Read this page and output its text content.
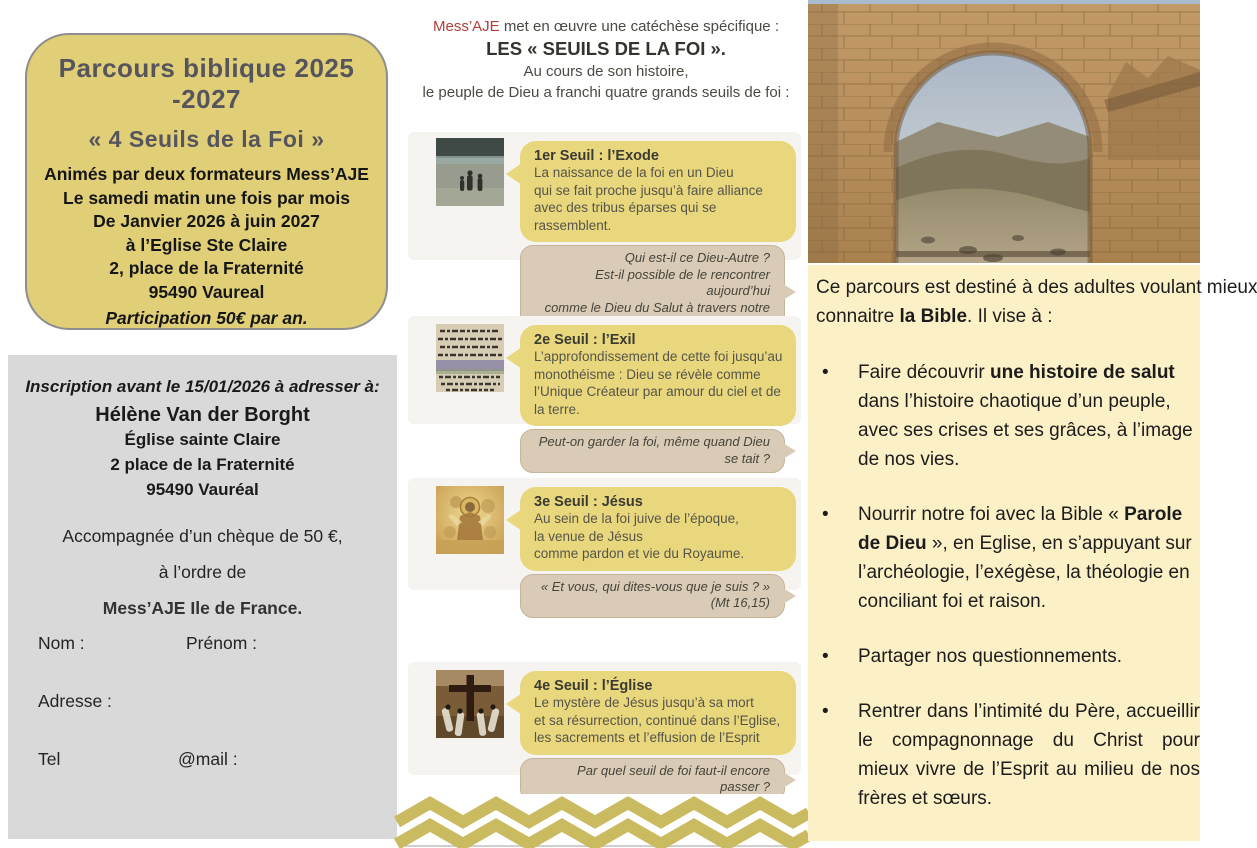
Parcours biblique 2025 -2027
« 4 Seuils de la Foi »
Animés par deux formateurs Mess’AJE
Le samedi matin une fois par mois
De Janvier 2026 à juin 2027
à l’Eglise Ste Claire
2, place de la Fraternité
95490 Vaureal
Participation 50€ par an.
Inscription avant le 15/01/2026 à adresser à:
Hélène Van der Borght
Église sainte Claire
2 place de la Fraternité
95490 Vauréal
Accompagnée d’un chèque de 50 €,
à l’ordre de
Mess’AJE Ile de France.
Nom :	Prénom :
Adresse :
Tel	@mail :
Mess’AJE met en œuvre une catéchèse spécifique :
LES « SEUILS DE LA FOI ».
Au cours de son histoire,
le peuple de Dieu a franchi quatre grands seuils de foi :
1er Seuil : l’Exode
La naissance de la foi en un Dieu
qui se fait proche jusqu’à faire alliance
avec des tribus éparses qui se rassemblent.
Qui est-il ce Dieu-Autre ?
Est-il possible de le rencontrer aujourd’hui
comme le Dieu du Salut à travers notre
2e Seuil : l’Exil
L’approfondissement de cette foi jusqu’au
monothéisme : Dieu se révèle comme
l’Unique Créateur par amour du ciel et de la terre.
Peut-on garder la foi, même quand Dieu se tait ?
3e Seuil : Jésus
Au sein de la foi juive de l’époque,
la venue de Jésus
comme pardon et vie du Royaume.
« Et vous, qui dites-vous que je suis ? » (Mt 16,15)
4e Seuil : l’Église
Le mystère de Jésus jusqu’à sa mort
et sa résurrection, continué dans l’Eglise,
les sacrements et l’effusion de l’Esprit
Par quel seuil de foi faut-il encore passer ?
Ce parcours est destiné à des adultes voulant mieux
connaitre la Bible. Il vise à :
•	Faire découvrir une histoire de salut dans l’histoire chaotique d’un peuple, avec ses crises et ses grâces, à l’image de nos vies.
•	Nourrir notre foi avec la Bible « Parole de Dieu », en Eglise, en s’appuyant sur l’archéologie, l’exégèse, la théologie en conciliant foi et raison.
•	Partager nos questionnements.
•	Rentrer dans l’intimité du Père, accueillir le compagnonnage du Christ pour mieux vivre de l’Esprit au milieu de nos frères et sœurs.
